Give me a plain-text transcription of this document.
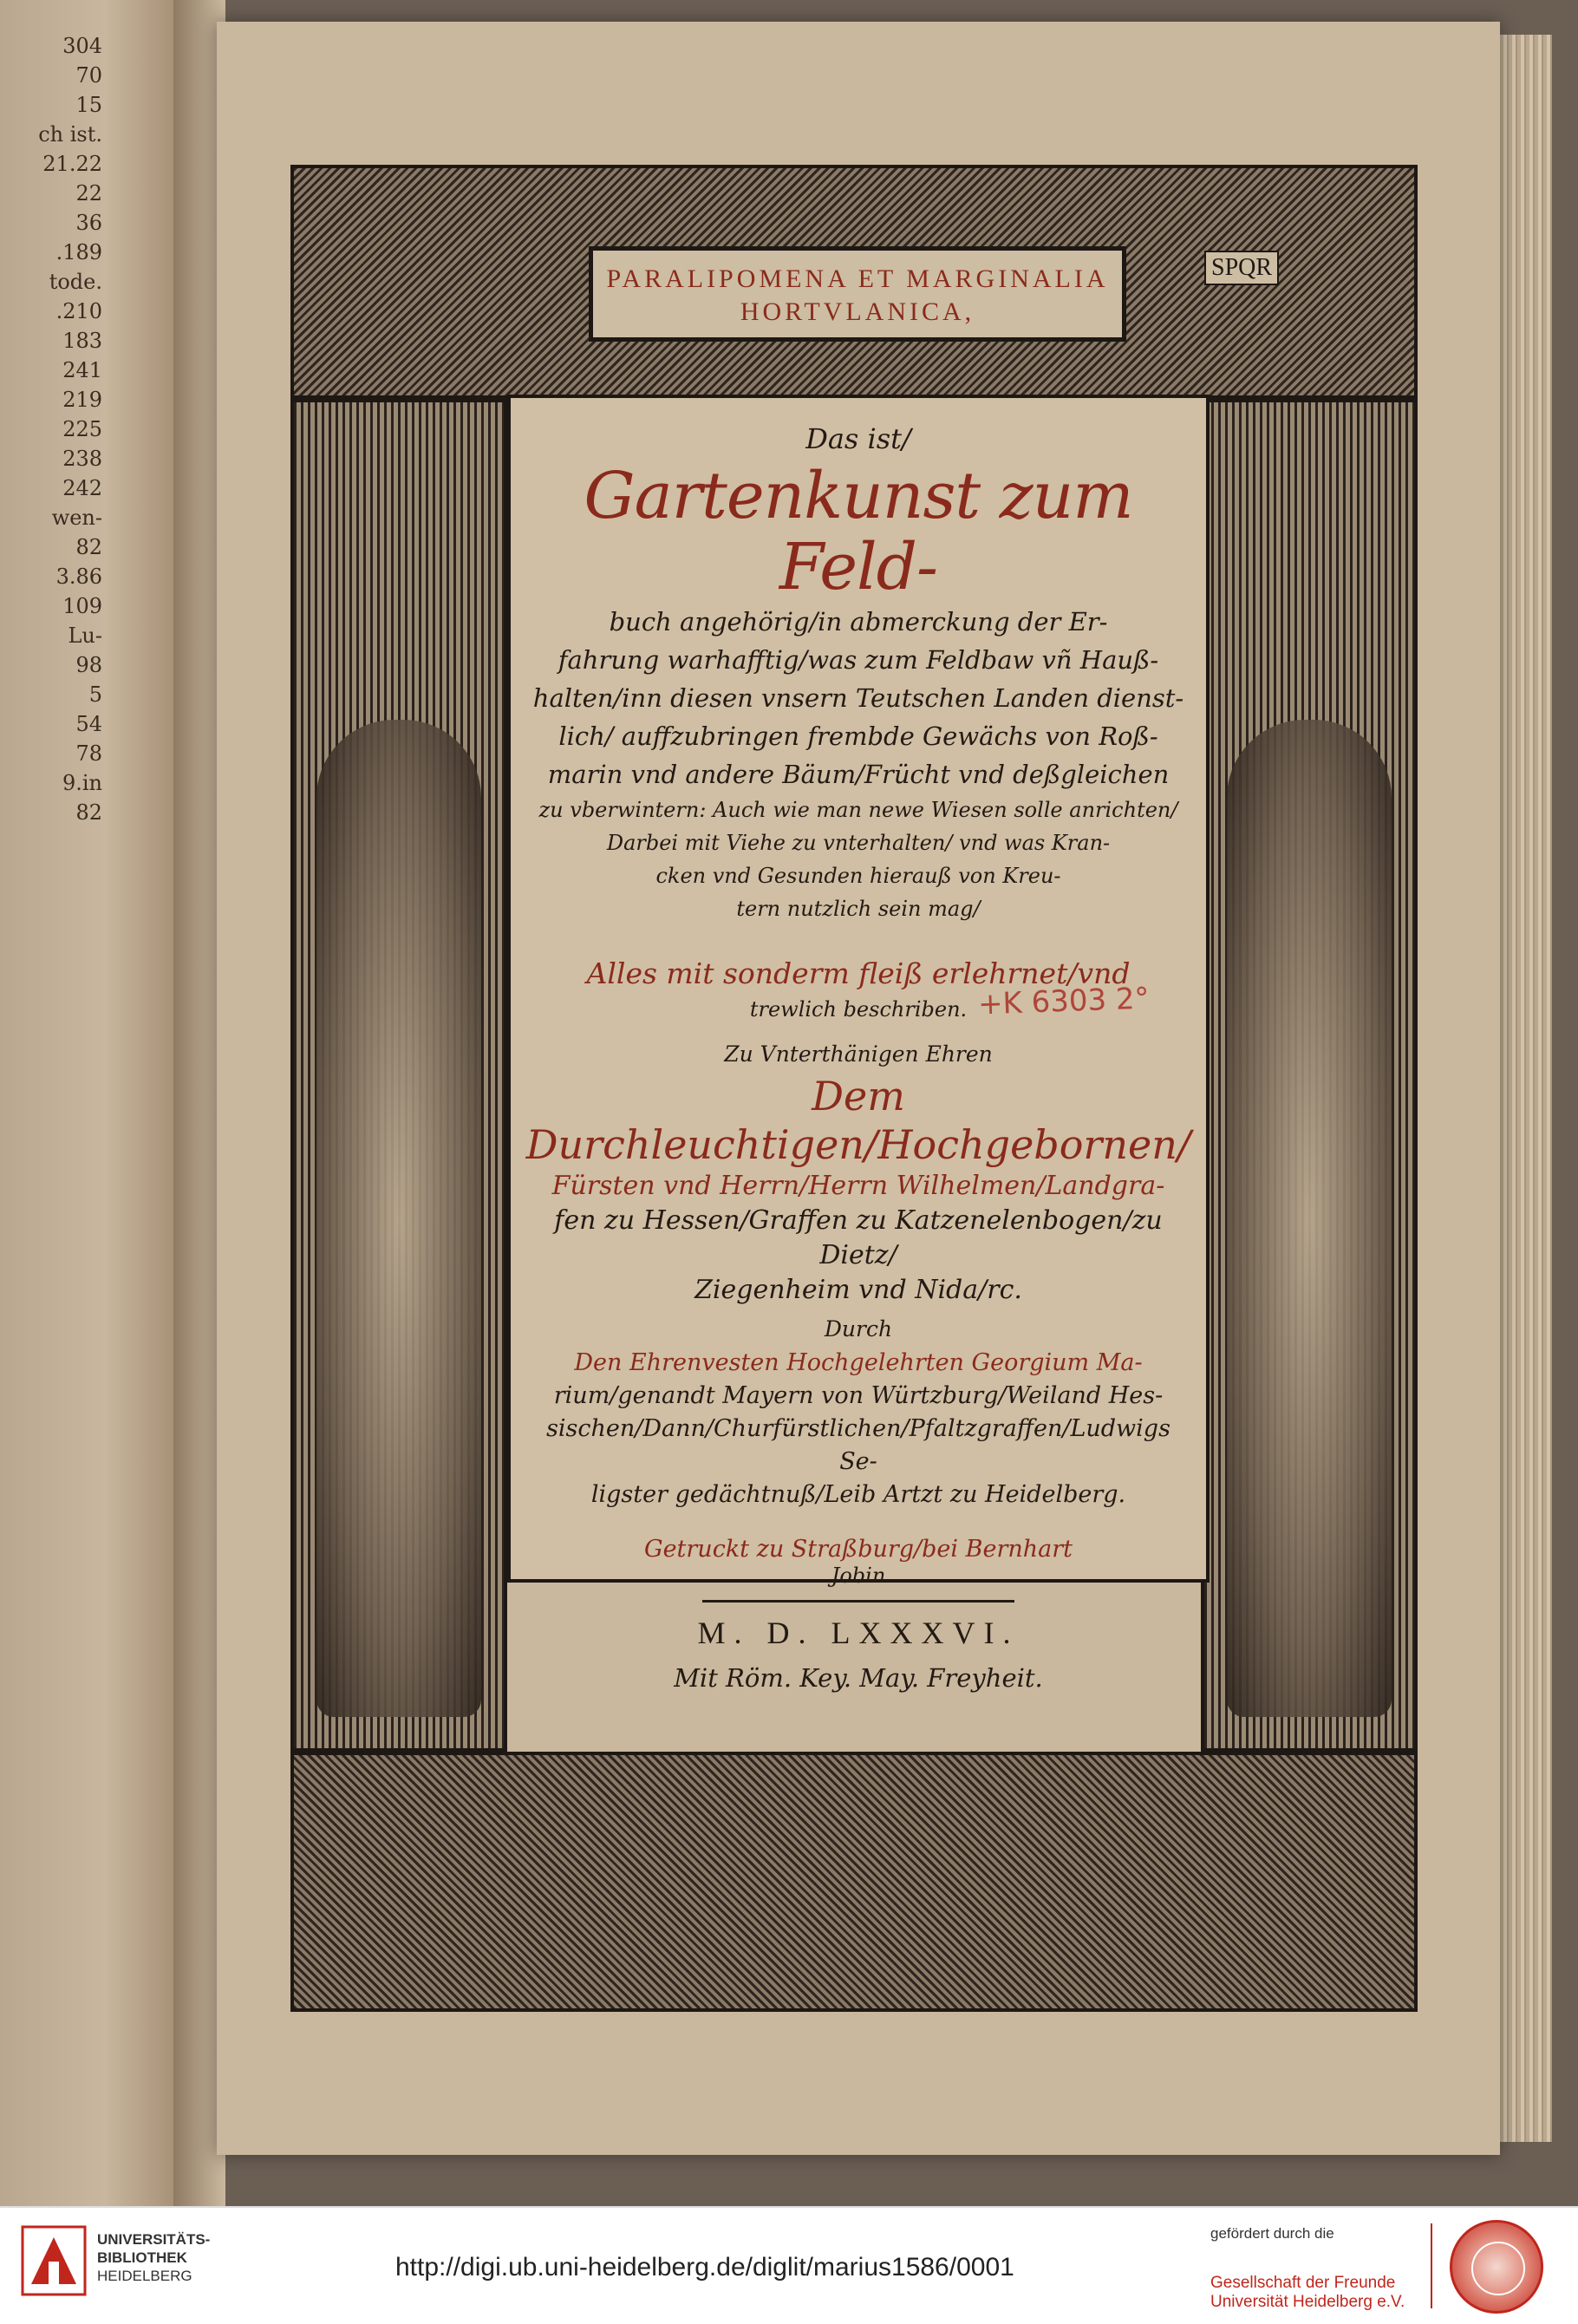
304
70
15
ch ist.
21.22
22
36
.189
tode.
.210
183
241
219
225
238
242
wen-
82
3.86
109
Lu-
98
5
54
78
9.in
82
PARALIPOMENA ET MARGINALIA HORTVLANICA,
SPQR
Das ist/
Gartenkunst zum Feld-
buch angehörig/in abmerckung der Er-
fahrung warhafftig/was zum Feldbaw vñ Hauß-
halten/inn diesen vnsern Teutschen Landen dienst-
lich/ auffzubringen frembde Gewächs von Roß-
marin vnd andere Bäum/Frücht vnd deßgleichen
zu vberwintern: Auch wie man newe Wiesen solle anrichten/
Darbei mit Viehe zu vnterhalten/ vnd was Kran-
cken vnd Gesunden hierauß von Kreu-
tern nutzlich sein mag/
Alles mit sonderm fleiß erlehrnet/vnd
trewlich beschriben.
Zu Vnterthänigen Ehren
Dem Durchleuchtigen/Hochgebornen/
Fürsten vnd Herrn/Herrn Wilhelmen/Landgra-
fen zu Hessen/Graffen zu Katzenelenbogen/zu Dietz/
Ziegenheim vnd Nida/rc.
Durch
Den Ehrenvesten Hochgelehrten Georgium Ma-
rium/genandt Mayern von Würtzburg/Weiland Hes-
sischen/Dann/Churfürstlichen/Pfaltzgraffen/Ludwigs Se-
ligster gedächtnuß/Leib Artzt zu Heidelberg.
Getruckt zu Straßburg/bei Bernhart
Jobin
M. D. LXXXVI.
Mit Röm. Key. May. Freyheit.
+K 6303 2°
UNIVERSITÄTS-
BIBLIOTHEK
HEIDELBERG	http://digi.ub.uni-heidelberg.de/diglit/marius1586/0001
gefördert durch die
Gesellschaft der Freunde
Universität Heidelberg e.V.
